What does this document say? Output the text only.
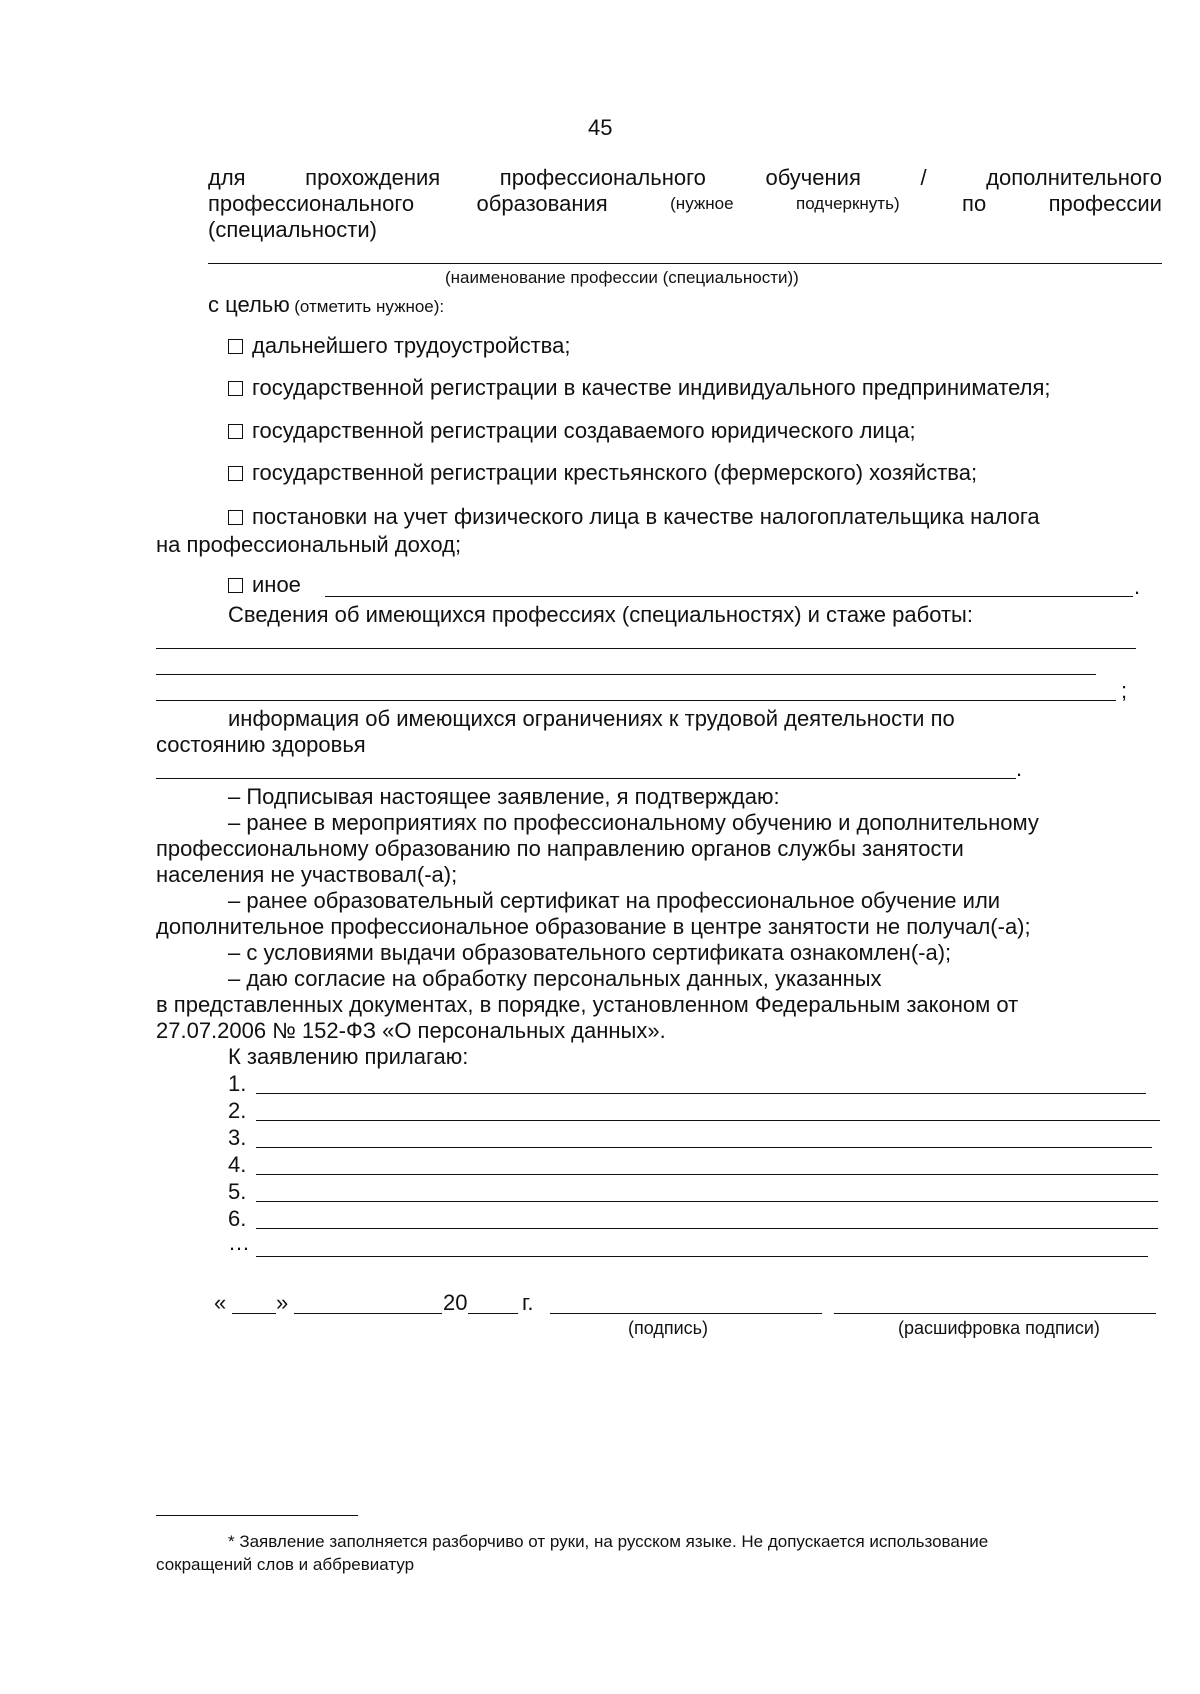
45
для	прохождения	профессионального	обучения	/	дополнительного
профессионального	образования	(нужное	подчеркнуть)	по	профессии
(специальности)
(наименование профессии (специальности))
с целью (отметить нужное):
дальнейшего трудоустройства;
государственной регистрации в качестве индивидуального предпринимателя;
государственной регистрации создаваемого юридического лица;
государственной регистрации крестьянского (фермерского) хозяйства;
постановки на учет физического лица в качестве налогоплательщика налога
на профессиональный доход;
иное	.
Сведения об имеющихся профессиях (специальностях) и стаже работы:
;
информация об имеющихся ограничениях к трудовой деятельности по
состоянию здоровья
.
– Подписывая настоящее заявление, я подтверждаю:
– ранее в мероприятиях по профессиональному обучению и дополнительному
профессиональному образованию по направлению органов службы занятости
населения не участвовал(-а);
– ранее образовательный сертификат на профессиональное обучение или
дополнительное профессиональное образование в центре занятости не получал(-а);
– с условиями выдачи образовательного сертификата ознакомлен(-а);
– даю согласие на обработку персональных данных, указанных
в представленных документах, в порядке, установленном Федеральным законом от
27.07.2006 № 152-ФЗ «О персональных данных».
К заявлению прилагаю:
1.
2.
3.
4.
5.
6.
…
« »	20 г.
(подпись)	(расшифровка подписи)
* Заявление заполняется разборчиво от руки, на русском языке. Не допускается использование
сокращений слов и аббревиатур
